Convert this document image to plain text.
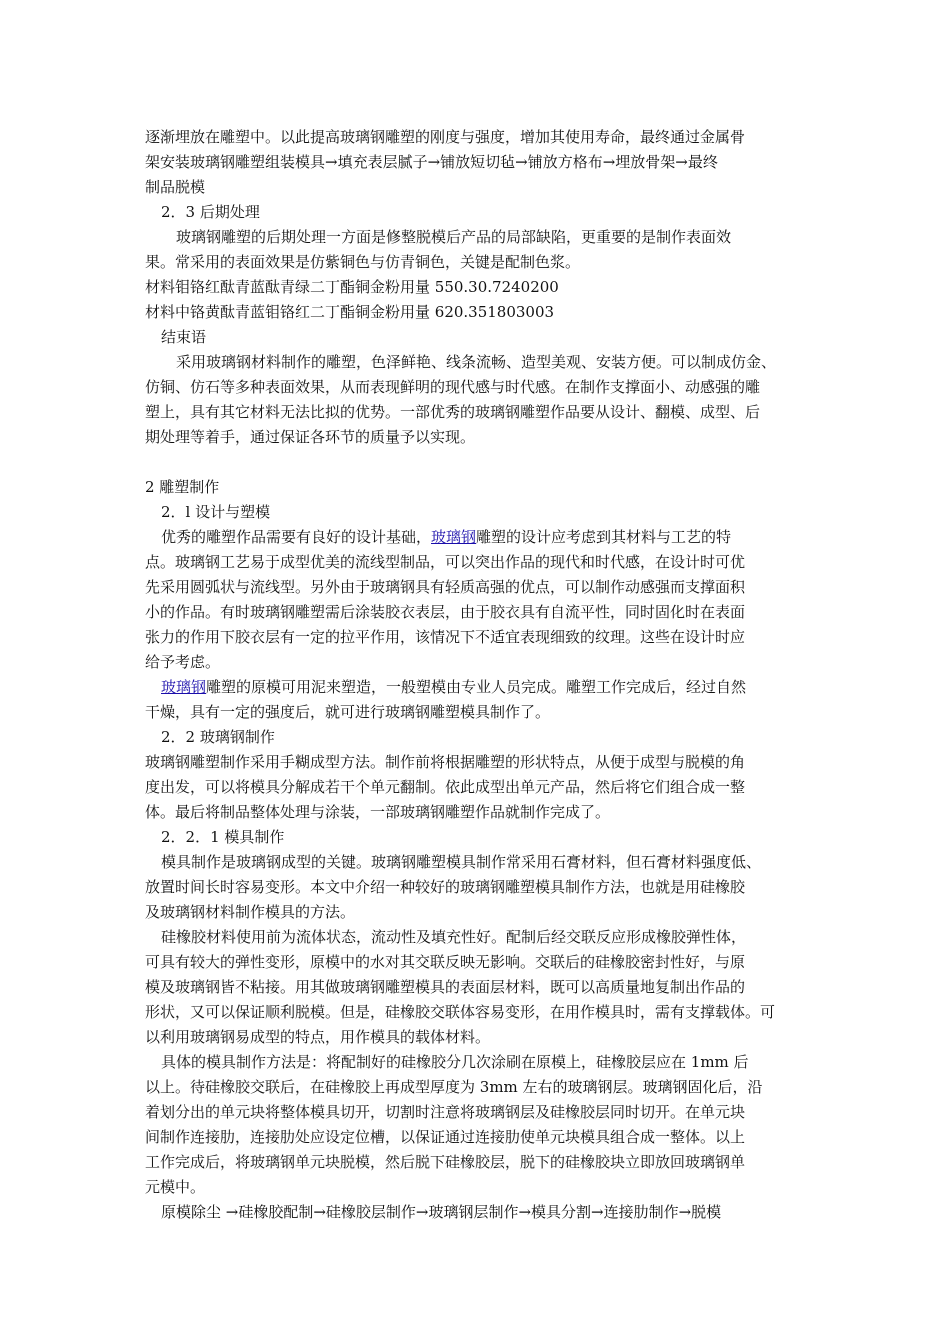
逐渐埋放在雕塑中。以此提高玻璃钢雕塑的刚度与强度，增加其使用寿命，最终通过金属骨
架安装玻璃钢雕塑组装模具→填充表层腻子→铺放短切毡→铺放方格布→埋放骨架→最终
制品脱模
2．3 后期处理
玻璃钢雕塑的后期处理一方面是修整脱模后产品的局部缺陷，更重要的是制作表面效
果。常采用的表面效果是仿紫铜色与仿青铜色，关键是配制色浆。
材料钼铬红酞青蓝酞青绿二丁酯铜金粉用量 550.30.7240200
材料中铬黄酞青蓝钼铬红二丁酯铜金粉用量 620.351803003
结束语
采用玻璃钢材料制作的雕塑，色泽鲜艳、线条流畅、造型美观、安装方便。可以制成仿金、
仿铜、仿石等多种表面效果，从而表现鲜明的现代感与时代感。在制作支撑面小、动感强的雕
塑上，具有其它材料无法比拟的优势。一部优秀的玻璃钢雕塑作品要从设计、翻模、成型、后
期处理等着手，通过保证各环节的质量予以实现。
2 雕塑制作
2．l 设计与塑模
优秀的雕塑作品需要有良好的设计基础，玻璃钢雕塑的设计应考虑到其材料与工艺的特
点。玻璃钢工艺易于成型优美的流线型制品，可以突出作品的现代和时代感，在设计时可优
先采用圆弧状与流线型。另外由于玻璃钢具有轻质高强的优点，可以制作动感强而支撑面积
小的作品。有时玻璃钢雕塑需后涂装胶衣表层，由于胶衣具有自流平性，同时固化时在表面
张力的作用下胶衣层有一定的拉平作用，该情况下不适宜表现细致的纹理。这些在设计时应
给予考虑。
玻璃钢雕塑的原模可用泥来塑造，一般塑模由专业人员完成。雕塑工作完成后，经过自然
干燥，具有一定的强度后，就可进行玻璃钢雕塑模具制作了。
2．2 玻璃钢制作
玻璃钢雕塑制作采用手糊成型方法。制作前将根据雕塑的形状特点，从便于成型与脱模的角
度出发，可以将模具分解成若干个单元翻制。依此成型出单元产品，然后将它们组合成一整
体。最后将制品整体处理与涂装，一部玻璃钢雕塑作品就制作完成了。
2．2．1 模具制作
模具制作是玻璃钢成型的关键。玻璃钢雕塑模具制作常采用石膏材料，但石膏材料强度低、
放置时间长时容易变形。本文中介绍一种较好的玻璃钢雕塑模具制作方法，也就是用硅橡胶
及玻璃钢材料制作模具的方法。
硅橡胶材料使用前为流体状态，流动性及填充性好。配制后经交联反应形成橡胶弹性体，
可具有较大的弹性变形，原模中的水对其交联反映无影响。交联后的硅橡胶密封性好，与原
模及玻璃钢皆不粘接。用其做玻璃钢雕塑模具的表面层材料，既可以高质量地复制出作品的
形状，又可以保证顺利脱模。但是，硅橡胶交联体容易变形，在用作模具时，需有支撑载体。可
以利用玻璃钢易成型的特点，用作模具的载体材料。
具体的模具制作方法是：将配制好的硅橡胶分几次涂刷在原模上，硅橡胶层应在 1mm 后
以上。待硅橡胶交联后，在硅橡胶上再成型厚度为 3mm 左右的玻璃钢层。玻璃钢固化后，沿
着划分出的单元块将整体模具切开，切割时注意将玻璃钢层及硅橡胶层同时切开。在单元块
间制作连接肋，连接肋处应设定位槽，以保证通过连接肋使单元块模具组合成一整体。以上
工作完成后，将玻璃钢单元块脱模，然后脱下硅橡胶层，脱下的硅橡胶块立即放回玻璃钢单
元模中。
原模除尘 →硅橡胶配制→硅橡胶层制作→玻璃钢层制作→模具分割→连接肋制作→脱模
